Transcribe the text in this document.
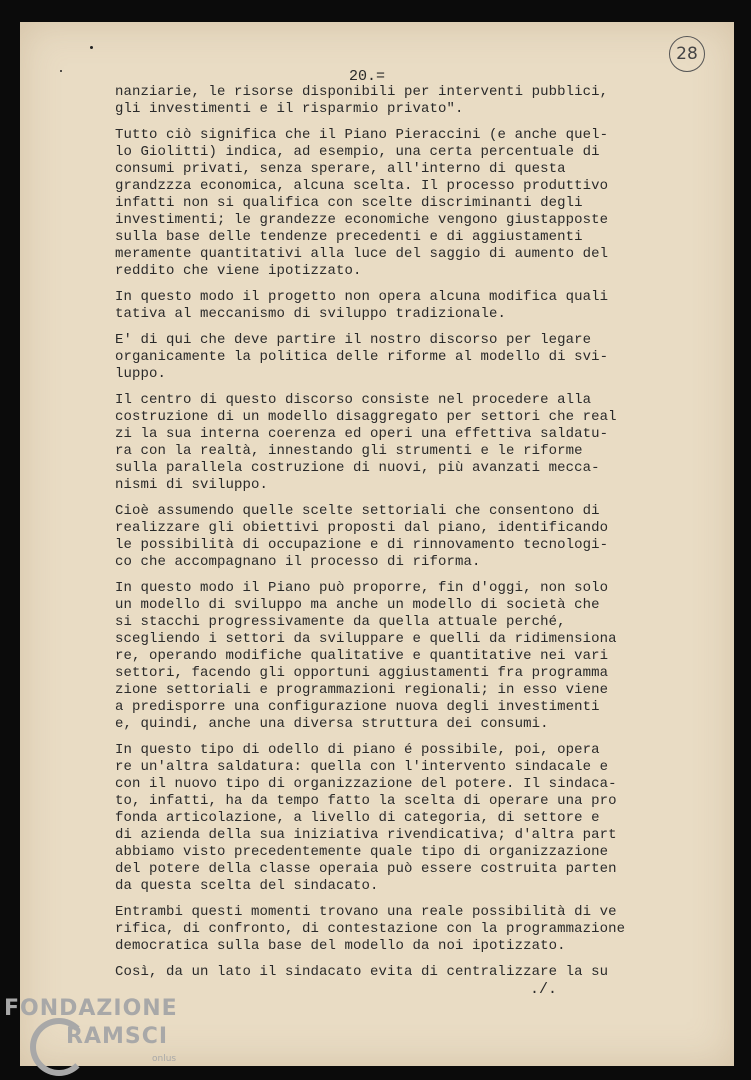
28
20.=
nanziarie, le risorse disponibili per interventi pubblici,
gli investimenti e il risparmio privato".
Tutto ciò significa che il Piano Pieraccini (e anche quel-
lo Giolitti) indica, ad esempio, una certa percentuale di
consumi privati, senza sperare, all'interno di questa
grandzzza economica, alcuna scelta. Il processo produttivo
infatti non si qualifica con scelte discriminanti degli
investimenti; le grandezze economiche vengono giustapposte
sulla base delle tendenze precedenti e di aggiustamenti
meramente quantitativi alla luce del saggio di aumento del
reddito che viene ipotizzato.
In questo modo il progetto non opera alcuna modifica quali
tativa al meccanismo di sviluppo tradizionale.
E' di qui che deve partire il nostro discorso per legare
organicamente la politica delle riforme al modello di svi-
luppo.
Il centro di questo discorso consiste nel procedere alla
costruzione di un modello disaggregato per settori che real
zi la sua interna coerenza ed operi una effettiva saldatu-
ra con la realtà, innestando gli strumenti e le riforme
sulla parallela costruzione di nuovi, più avanzati mecca-
nismi di sviluppo.
Cioè assumendo quelle scelte settoriali che consentono di
realizzare gli obiettivi proposti dal piano, identificando
le possibilità di occupazione e di rinnovamento tecnologi-
co che accompagnano il processo di riforma.
In questo modo il Piano può proporre, fin d'oggi, non solo
un modello di sviluppo ma anche un modello di società che
si stacchi progressivamente da quella attuale perché,
scegliendo i settori da sviluppare e quelli da ridimensiona
re, operando modifiche qualitative e quantitative nei vari
settori, facendo gli opportuni aggiustamenti fra programma
zione settoriali e programmazioni regionali; in esso viene
a predisporre una configurazione nuova degli investimenti
e, quindi, anche una diversa struttura dei consumi.
In questo tipo di odello di piano é possibile, poi, opera
re un'altra saldatura: quella con l'intervento sindacale e
con il nuovo tipo di organizzazione del potere. Il sindaca-
to, infatti, ha da tempo fatto la scelta di operare una pro
fonda articolazione, a livello di categoria, di settore e
di azienda della sua iniziativa rivendicativa; d'altra part
abbiamo visto precedentemente quale tipo di organizzazione
del potere della classe operaia può essere costruita parten
da questa scelta del sindacato.
Entrambi questi momenti trovano una reale possibilità di ve
rifica, di confronto, di contestazione con la programmazione
democratica sulla base del modello da noi ipotizzato.
Così, da un lato il sindacato evita di centralizzare la su
./.
FONDAZIONE
RAMSCI
onlus
